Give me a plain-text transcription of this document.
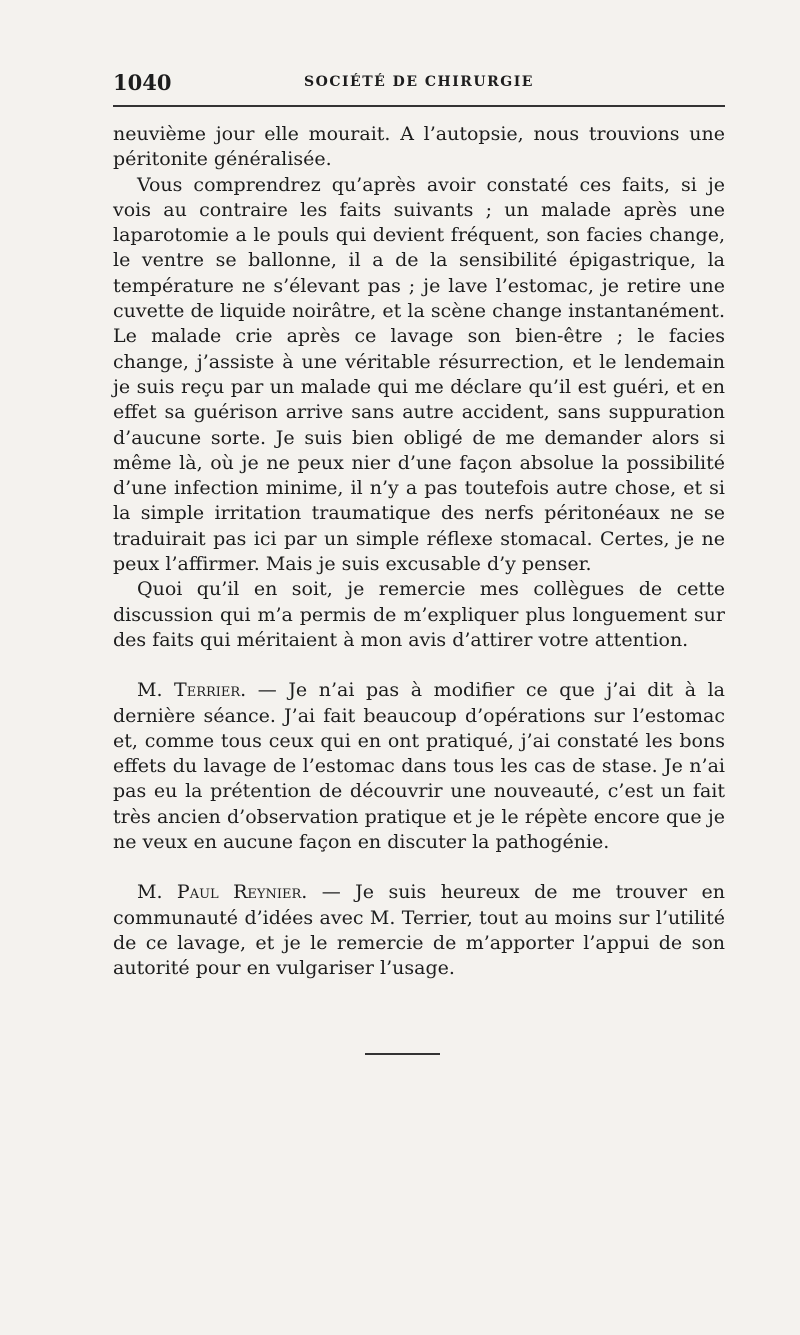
1040	SOCIÉTÉ DE CHIRURGIE

neuvième jour elle mourait. A l’autopsie, nous trouvions une péritonite généralisée.

Vous comprendrez qu’après avoir constaté ces faits, si je vois au contraire les faits suivants ; un malade après une laparotomie a le pouls qui devient fréquent, son facies change, le ventre se ballonne, il a de la sensibilité épigastrique, la température ne s’élevant pas ; je lave l’estomac, je retire une cuvette de liquide noirâtre, et la scène change instantanément. Le malade crie après ce lavage son bien-être ; le facies change, j’assiste à une véritable résurrection, et le lendemain je suis reçu par un malade qui me déclare qu’il est guéri, et en effet sa guérison arrive sans autre accident, sans suppuration d’aucune sorte. Je suis bien obligé de me demander alors si même là, où je ne peux nier d’une façon absolue la possibilité d’une infection minime, il n’y a pas toutefois autre chose, et si la simple irritation traumatique des nerfs péritonéaux ne se traduirait pas ici par un simple réflexe stomacal. Certes, je ne peux l’affirmer. Mais je suis excusable d’y penser.

Quoi qu’il en soit, je remercie mes collègues de cette discussion qui m’a permis de m’expliquer plus longuement sur des faits qui méritaient à mon avis d’attirer votre attention.

M. Terrier. — Je n’ai pas à modifier ce que j’ai dit à la dernière séance. J’ai fait beaucoup d’opérations sur l’estomac et, comme tous ceux qui en ont pratiqué, j’ai constaté les bons effets du lavage de l’estomac dans tous les cas de stase. Je n’ai pas eu la prétention de découvrir une nouveauté, c’est un fait très ancien d’observation pratique et je le répète encore que je ne veux en aucune façon en discuter la pathogénie.

M. Paul Reynier. — Je suis heureux de me trouver en communauté d’idées avec M. Terrier, tout au moins sur l’utilité de ce lavage, et je le remercie de m’apporter l’appui de son autorité pour en vulgariser l’usage.
